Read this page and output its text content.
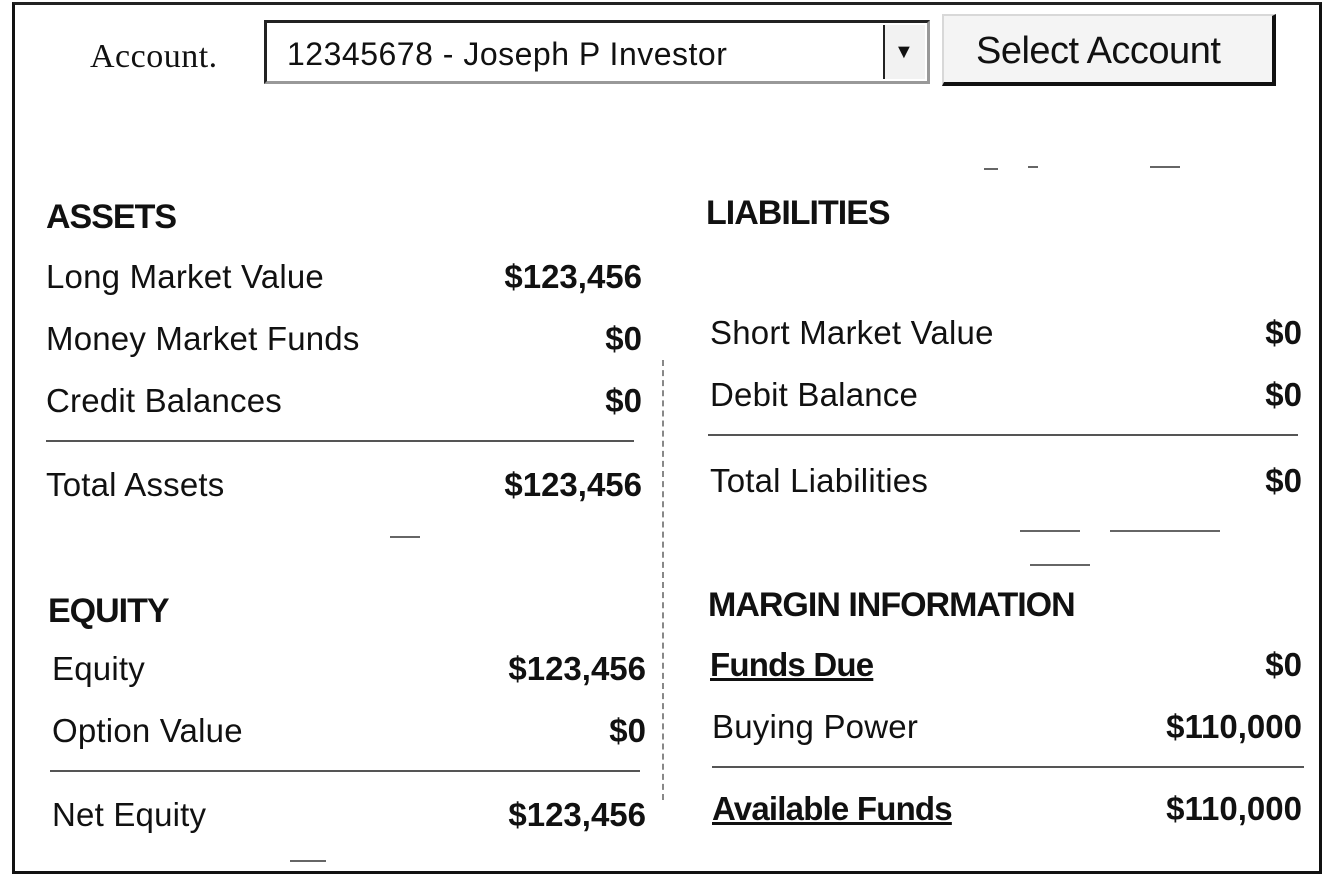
Account. 12345678 - Joseph P Investor	▼ Select Account
ASSETS
Long Market Value	$123,456
Money Market Funds	$0
Credit Balances	$0
Total Assets	$123,456
LIABILITIES
Short Market Value	$0
Debit Balance	$0
Total Liabilities	$0
EQUITY
Equity	$123,456
Option Value	$0
Net Equity	$123,456
MARGIN INFORMATION
Funds Due	$0
Buying Power	$110,000
Available Funds	$110,000
